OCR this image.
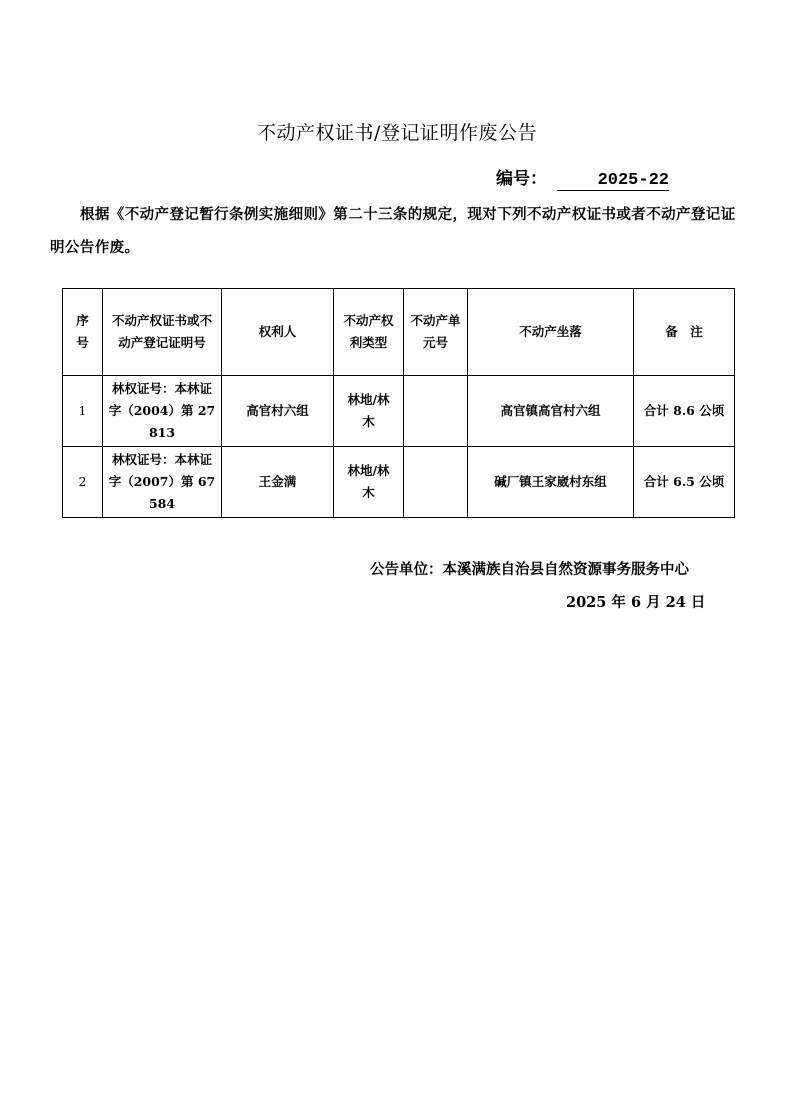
不动产权证书/登记证明作废公告
编号：	2025-22
根据《不动产登记暂行条例实施细则》第二十三条的规定，现对下列不动产权证书或者不动产登记证明公告作废。
序号	不动产权证书或不动产登记证明号	权利人	不动产权利类型	不动产单元号	不动产坐落	备　注
1	林权证号：本林证字（2004）第 27813	高官村六组	林地/林木		高官镇高官村六组	合计 8.6 公顷
2	林权证号：本林证字（2007）第 67584	王金满	林地/林木		碱厂镇王家崴村东组	合计 6.5 公顷
公告单位：本溪满族自治县自然资源事务服务中心
2025 年 6 月 24 日
